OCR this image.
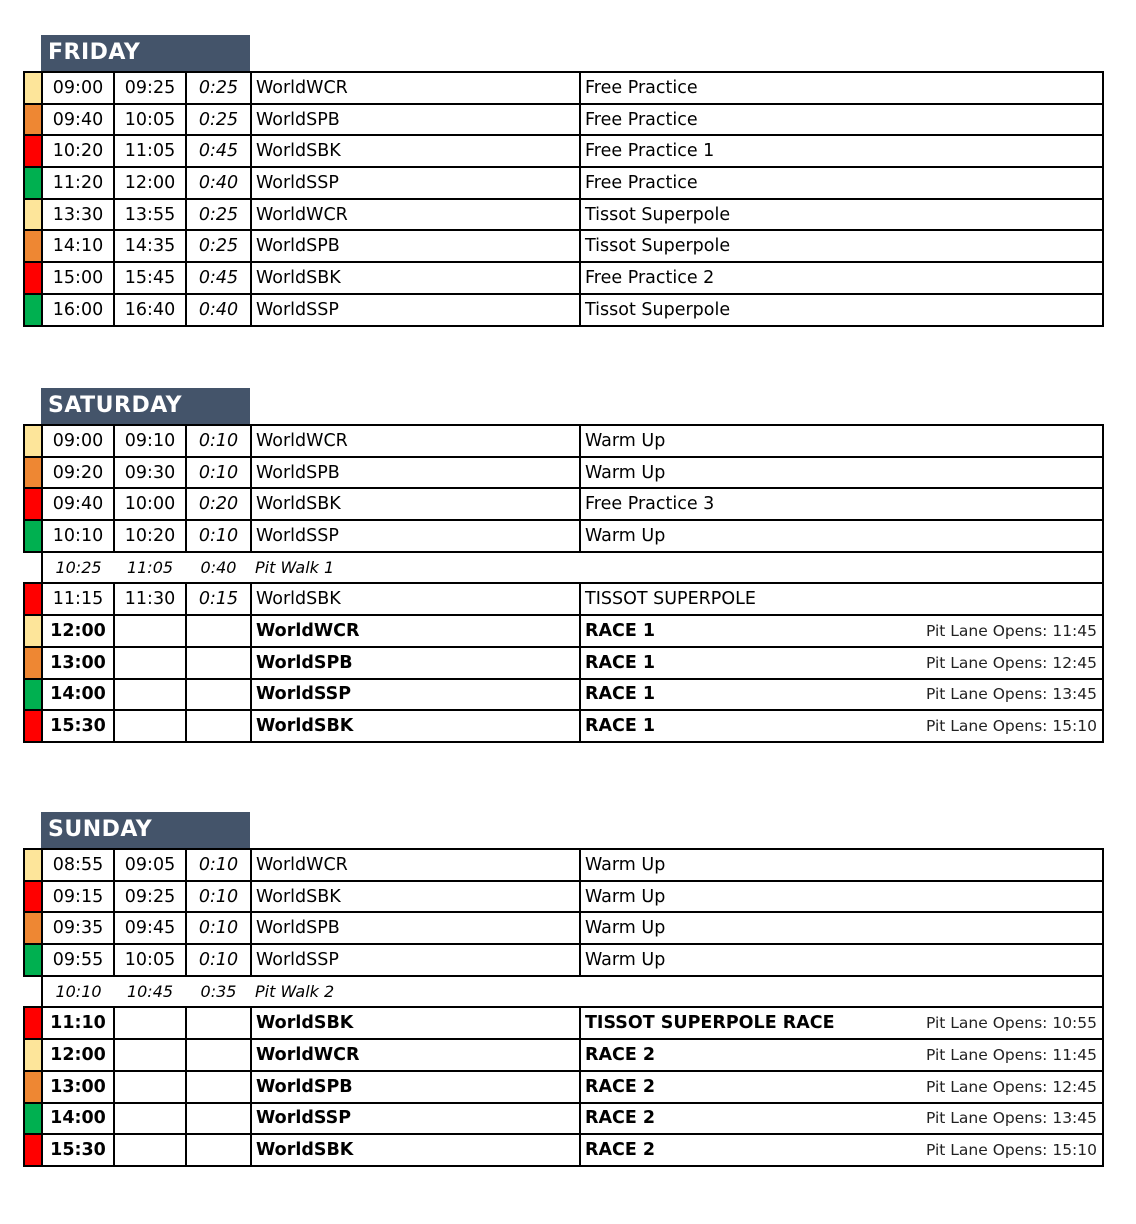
FRIDAY
	09:00	09:25	0:25	WorldWCR	Free Practice
	09:40	10:05	0:25	WorldSPB	Free Practice
	10:20	11:05	0:45	WorldSBK	Free Practice 1
	11:20	12:00	0:40	WorldSSP	Free Practice
	13:30	13:55	0:25	WorldWCR	Tissot Superpole
	14:10	14:35	0:25	WorldSPB	Tissot Superpole
	15:00	15:45	0:45	WorldSBK	Free Practice 2
	16:00	16:40	0:40	WorldSSP	Tissot Superpole
SATURDAY
	09:00	09:10	0:10	WorldWCR	Warm Up
	09:20	09:30	0:10	WorldSPB	Warm Up
	09:40	10:00	0:20	WorldSBK	Free Practice 3
	10:10	10:20	0:10	WorldSSP	Warm Up
	10:25	11:05	0:40	Pit Walk 1	
	11:15	11:30	0:15	WorldSBK	TISSOT SUPERPOLE
	12:00			WorldWCR	RACE 1 Pit Lane Opens: 11:45

	13:00			WorldSPB	RACE 1 Pit Lane Opens: 12:45

	14:00			WorldSSP	RACE 1 Pit Lane Opens: 13:45

	15:30			WorldSBK	RACE 1 Pit Lane Opens: 15:10
SUNDAY
	08:55	09:05	0:10	WorldWCR	Warm Up
	09:15	09:25	0:10	WorldSBK	Warm Up
	09:35	09:45	0:10	WorldSPB	Warm Up
	09:55	10:05	0:10	WorldSSP	Warm Up
	10:10	10:45	0:35	Pit Walk 2	
	11:10			WorldSBK	TISSOT SUPERPOLE RACE Pit Lane Opens: 10:55

	12:00			WorldWCR	RACE 2 Pit Lane Opens: 11:45

	13:00			WorldSPB	RACE 2 Pit Lane Opens: 12:45

	14:00			WorldSSP	RACE 2 Pit Lane Opens: 13:45

	15:30			WorldSBK	RACE 2 Pit Lane Opens: 15:10
